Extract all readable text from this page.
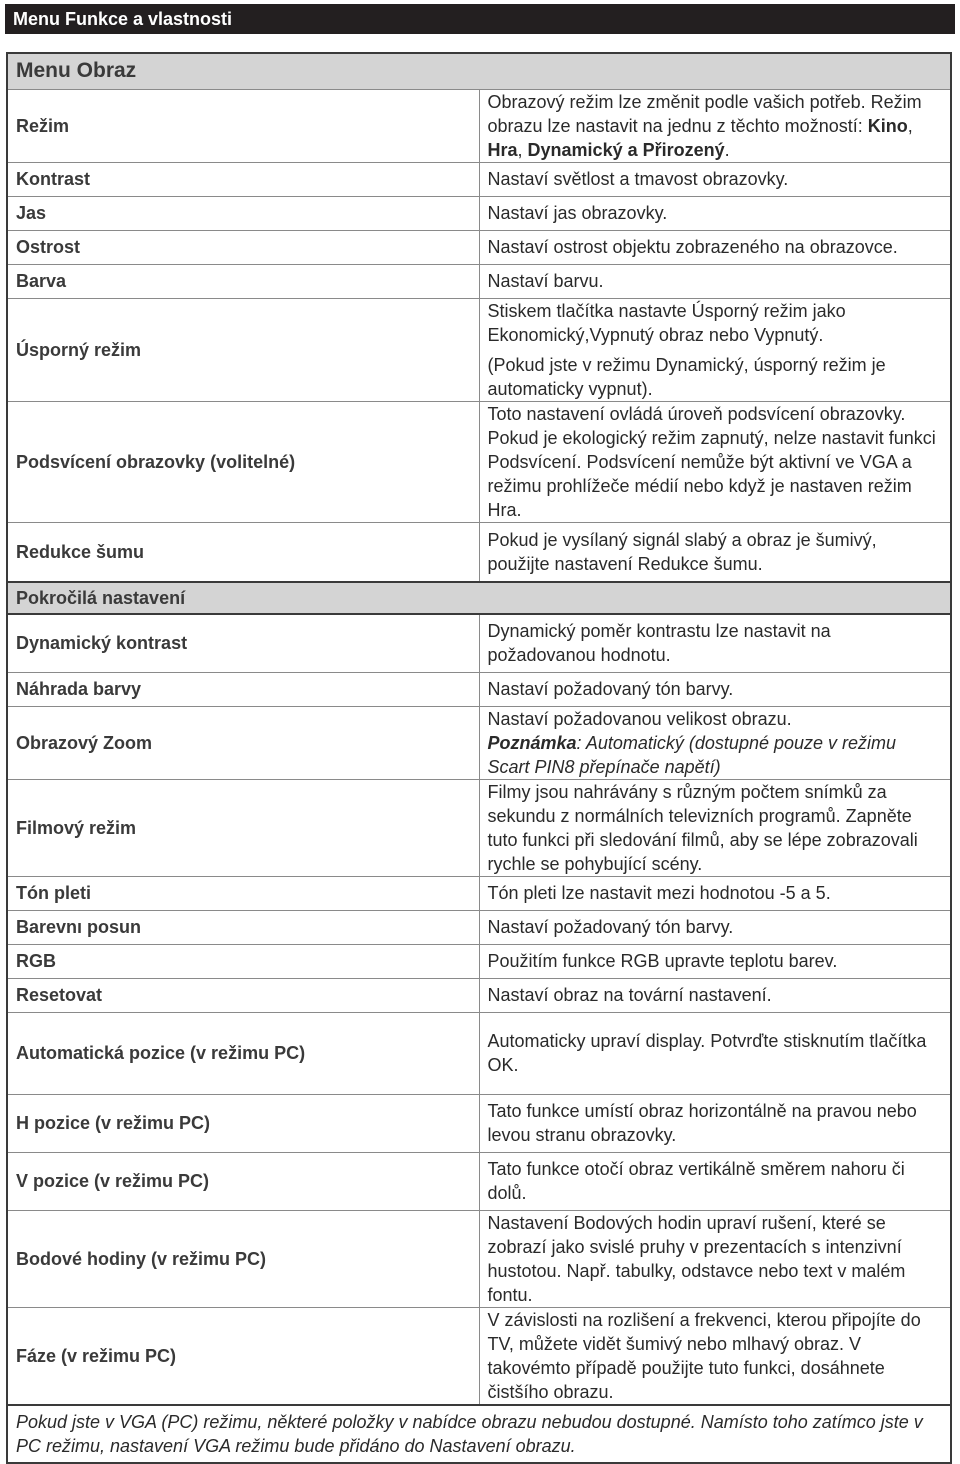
Menu Funkce a vlastnosti
Menu Obraz	
Režim	Obrazový režim lze změnit podle vašich potřeb. Režim obrazu lze nastavit na jednu z těchto možností: Kino, Hra, Dynamický a Přirozený.
Kontrast	Nastaví světlost a tmavost obrazovky.
Jas	Nastaví jas obrazovky.
Ostrost	Nastaví ostrost objektu zobrazeného na obrazovce.
Barva	Nastaví barvu.
Úsporný režim	Stiskem tlačítka nastavte Úsporný režim jako Ekonomický,Vypnutý obraz nebo Vypnutý.
(Pokud jste v režimu Dynamický, úsporný režim je automaticky vypnut).

Podsvícení obrazovky (volitelné)	Toto nastavení ovládá úroveň podsvícení obrazovky. Pokud je ekologický režim zapnutý, nelze nastavit funkci Podsvícení. Podsvícení nemůže být aktivní ve VGA a režimu prohlížeče médií nebo když je nastaven režim Hra.
Redukce šumu	Pokud je vysílaný signál slabý a obraz je šumivý, použijte nastavení Redukce šumu.
Pokročilá nastavení	
Dynamický kontrast	Dynamický poměr kontrastu lze nastavit na požadovanou hodnotu.
Náhrada barvy	Nastaví požadovaný tón barvy.
Obrazový Zoom	Nastaví požadovanou velikost obrazu.
Poznámka: Automatický (dostupné pouze v režimu Scart PIN8 přepínače napětí)
Filmový režim	Filmy jsou nahrávány s různým počtem snímků za sekundu z normálních televizních programů. Zapněte tuto funkci při sledování filmů, aby se lépe zobrazovali rychle se pohybující scény.
Tón pleti	Tón pleti lze nastavit mezi hodnotou -5 a 5.
Barevnı posun	Nastaví požadovaný tón barvy.
RGB	Použitím funkce RGB upravte teplotu barev.
Resetovat	Nastaví obraz na tovární nastavení.
Automatická pozice (v režimu PC)	Automaticky upraví display. Potvrďte stisknutím tlačítka OK.
H pozice (v režimu PC)	Tato funkce umístí obraz horizontálně na pravou nebo levou stranu obrazovky.
V pozice (v režimu PC)	Tato funkce otočí obraz vertikálně směrem nahoru či dolů.
Bodové hodiny (v režimu PC)	Nastavení Bodových hodin upraví rušení, které se zobrazí jako svislé pruhy v prezentacích s intenzivní hustotou. Např. tabulky, odstavce nebo text v malém fontu.
Fáze (v režimu PC)	V závislosti na rozlišení a frekvenci, kterou připojíte do TV, můžete vidět šumivý nebo mlhavý obraz. V takovémto případě použijte tuto funkci, dosáhnete čistšího obrazu.
Pokud jste v VGA (PC) režimu, některé položky v nabídce obrazu nebudou dostupné. Namísto toho zatímco jste v PC režimu, nastavení VGA režimu bude přidáno do Nastavení obrazu.	
